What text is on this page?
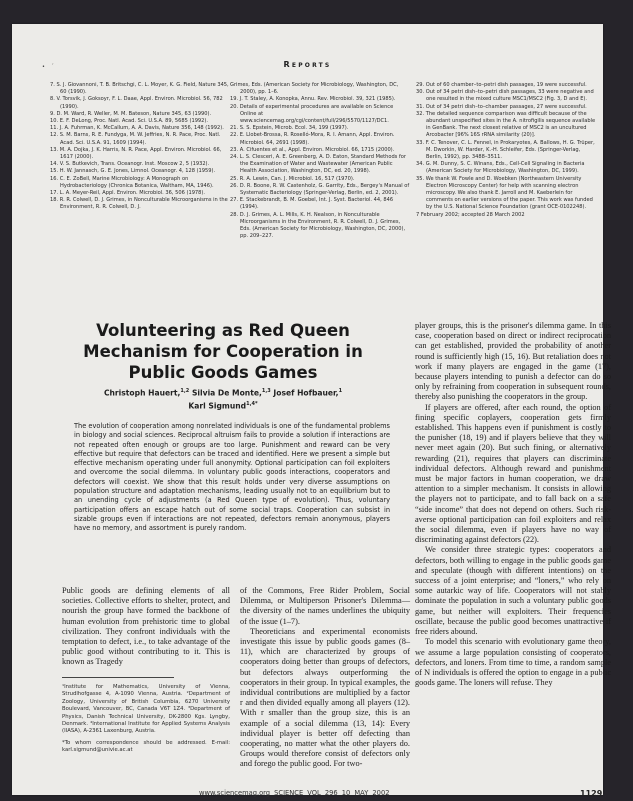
•    ˊ	Reports

7. S. J. Giovannoni, T. B. Britschgi, C. L. Moyer, K. G. Field, Nature 345, 60 (1990).

8. V. Torsvik, J. Goksoyr, F. L. Daae, Appl. Environ. Microbiol. 56, 782 (1990).

9. D. M. Ward, R. Weller, M. M. Bateson, Nature 345, 63 (1990).

10. E. F. DeLong, Proc. Natl. Acad. Sci. U.S.A. 89, 5685 (1992).

11. J. A. Fuhrman, K. McCallum, A. A. Davis, Nature 356, 148 (1992).

12. S. M. Barns, R. E. Fundyga, M. W. Jeffries, N. R. Pace, Proc. Natl. Acad. Sci. U.S.A. 91, 1609 (1994).

13. M. A. Dojka, J. K. Harris, N. R. Pace, Appl. Environ. Microbiol. 66, 1617 (2000).

14. V. S. Butkevich, Trans. Oceanogr. Inst. Moscow 2, 5 (1932).

15. H. W. Jannasch, G. E. Jones, Limnol. Oceanogr. 4, 128 (1959).

16. C. E. ZoBell, Marine Microbiology: A Monograph on Hydrobacteriology (Chronica Botanica, Waltham, MA, 1946).

17. L. A. Meyer-Reil, Appl. Environ. Microbiol. 36, 506 (1978).

18. R. R. Colwell, D. J. Grimes, in Nonculturable Microorganisms in the Environment, R. R. Colwell, D. J.

Grimes, Eds. (American Society for Microbiology, Washington, DC, 2000), pp. 1–6.

19. J. T. Staley, A. Konopka, Annu. Rev. Microbiol. 39, 321 (1985).

20. Details of experimental procedures are available on Science Online at www.sciencemag.org/cgi/content/full/296/5570/1127/DC1.

21. S. S. Epstein, Microb. Ecol. 34, 199 (1997).

22. E. Llobet-Brossa, R. Roselló-Mora, R. I. Amann, Appl. Environ. Microbiol. 64, 2691 (1998).

23. A. Cifuentes et al., Appl. Environ. Microbiol. 66, 1715 (2000).

24. L. S. Clesceri, A. E. Greenberg, A. D. Eaton, Standard Methods for the Examination of Water and Wastewater (American Public Health Association, Washington, DC, ed. 20, 1998).

25. R. A. Lewin, Can. J. Microbiol. 16, 517 (1970).

26. D. R. Boone, R. W. Castenholz, G. Garrity, Eds., Bergey's Manual of Systematic Bacteriology (Springer-Verlag, Berlin, ed. 2, 2001).

27. E. Stackebrandt, B. M. Goebel, Int. J. Syst. Bacteriol. 44, 846 (1994).

28. D. J. Grimes, A. L. Mills, K. H. Nealson, in Nonculturable Microorganisms in the Environment, R. R. Colwell, D. J. Grimes, Eds. (American Society for Microbiology, Washington, DC, 2000), pp. 209–227.

29. Out of 60 chamber–to–petri dish passages, 19 were successful.

30. Out of 34 petri dish–to–petri dish passages, 33 were negative and one resulted in the mixed culture MSC1/MSC2 (Fig. 3, D and E).

31. Out of 34 petri dish–to–chamber passages, 27 were successful.

32. The detailed sequence comparison was difficult because of the abundant unspecified sites in the A. nitrofigilis sequence available in GenBank. The next closest relative of MSC2 is an uncultured Arcobacter [96% 16S rRNA similarity (20)].

33. F. C. Tenover, C. L. Fennel, in Prokaryotes, A. Ballows, H. G. Trüper, M. Dworkin, W. Harder, K.-H. Schleifer, Eds. (Springer-Verlag, Berlin, 1992), pp. 3488–3511.

34. G. M. Dunny, S. C. Winans, Eds., Cell-Cell Signaling in Bacteria (American Society for Microbiology, Washington, DC, 1999).

35. We thank W. Fowle and D. Woebken (Northeastern University Electron Microscopy Center) for help with scanning electron microscopy. We also thank E. Jarroll and M. Kaeberlein for comments on earlier versions of the paper. This work was funded by the U.S. National Science Foundation (grant OCE-0102248).

7 February 2002; accepted 28 March 2002

Volunteering as Red Queen Mechanism for Cooperation in Public Goods Games
Christoph Hauert,$^{1,2}$ Silvia De Monte,$^{1,3}$ Josef Hofbauer,$^1$
Karl Sigmund$^{1,4*}$
The evolution of cooperation among nonrelated individuals is one of the fundamental problems in biology and social sciences. Reciprocal altruism fails to provide a solution if interactions are not repeated often enough or groups are too large. Punishment and reward can be very effective but require that defectors can be traced and identified. Here we present a simple but effective mechanism operating under full anonymity. Optional participation can foil exploiters and overcome the social dilemma. In voluntary public goods interactions, cooperators and defectors will coexist. We show that this result holds under very diverse assumptions on population structure and adaptation mechanisms, leading usually not to an equilibrium but to an unending cycle of adjustments (a Red Queen type of evolution). Thus, voluntary participation offers an escape hatch out of some social traps. Cooperation can subsist in sizable groups even if interactions are not repeated, defectors remain anonymous, players have no memory, and assortment is purely random.

Public goods are defining elements of all societies. Collective efforts to shelter, protect, and nourish the group have formed the backbone of human evolution from prehistoric time to global civilization. They confront individuals with the temptation to defect, i.e., to take advantage of the public good without contributing to it. This is known as Tragedy

of the Commons, Free Rider Problem, Social Dilemma, or Multiperson Prisoner's Dilemma—the diversity of the names underlines the ubiquity of the issue (1–7).

Theoreticians and experimental economists investigate this issue by public goods games (8–11), which are characterized by groups of cooperators doing better than groups of defectors, but defectors always outperforming the cooperators in their group. In typical examples, the individual contributions are multiplied by a factor r and then divided equally among all players (12). With r smaller than the group size, this is an example of a social dilemma (13, 14): Every individual player is better off defecting than cooperating, no matter what the other players do. Groups would therefore consist of defectors only and forego the public good. For two-

player groups, this is the prisoner's dilemma game. In this case, cooperation based on direct or indirect reciprocation can get established, provided the probability of another round is sufficiently high (15, 16). But retaliation does not work if many players are engaged in the game (17), because players intending to punish a defector can do so only by refraining from cooperation in subsequent rounds, thereby also punishing the cooperators in the group.

If players are offered, after each round, the option of fining specific coplayers, cooperation gets firmly established. This happens even if punishment is costly to the punisher (18, 19) and if players believe that they will never meet again (20). But such fining, or alternatively rewarding (21), requires that players can discriminate individual defectors. Although reward and punishment must be major factors in human cooperation, we draw attention to a simpler mechanism. It consists in allowing the players not to participate, and to fall back on a safe “side income” that does not depend on others. Such risk-averse optional participation can foil exploiters and relax the social dilemma, even if players have no way of discriminating against defectors (22).

We consider three strategic types: cooperators and defectors, both willing to engage in the public goods game and speculate (though with different intentions) on the success of a joint enterprise; and “loners,” who rely on some autarkic way of life. Cooperators will not stably dominate the population in such a voluntary public goods game, but neither will exploiters. Their frequencies oscillate, because the public good becomes unattractive if free riders abound.

To model this scenario with evolutionary game theory, we assume a large population consisting of cooperators, defectors, and loners. From time to time, a random sample of N individuals is offered the option to engage in a public goods game. The loners will refuse. They

¹Institute for Mathematics, University of Vienna, Strudlhofgasse 4, A-1090 Vienna, Austria. ²Department of Zoology, University of British Columbia, 6270 University Boulevard, Vancouver, BC, Canada V6T 1Z4. ³Department of Physics, Danish Technical University, DK-2800 Kgs. Lyngby, Denmark. ⁴International Institute for Applied Systems Analysis (IIASA), A-2361 Laxenburg, Austria.

*To whom correspondence should be addressed. E-mail: karl.sigmund@univie.ac.at

www.sciencemag.org SCIENCE VOL 296 10 MAY 2002	1129
